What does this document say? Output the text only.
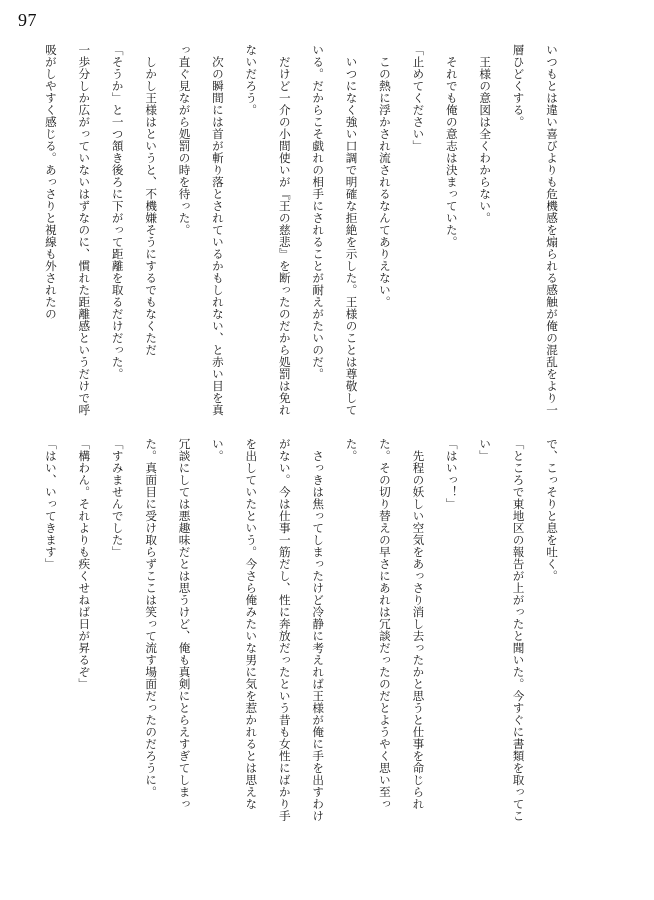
97

いつもとは違い喜びよりも危機感を煽られる感触が俺の混乱をより一層ひどくする。

王様の意図は全くわからない。

それでも俺の意志は決まっていた。

「止めてください」

この熱に浮かされ流されるなんてありえない。

いつになく強い口調で明確な拒絶を示した。王様のことは尊敬している。だからこそ戯れの相手にされることが耐えがたいのだ。

だけど一介の小間使いが『王の慈悲』を断ったのだから処罰は免れないだろう。

次の瞬間には首が斬り落とされているかもしれない、と赤い目を真っ直ぐ見ながら処罰の時を待った。

しかし王様はというと、不機嫌そうにするでもなくただ

「そうか」と一つ頷き後ろに下がって距離を取るだけだった。

一歩分しか広がっていないはずなのに、慣れた距離感というだけで呼吸がしやすく感じる。あっさりと視線も外されたの

で、こっそりと息を吐く。

「ところで東地区の報告が上がったと聞いた。今すぐに書類を取ってこい」

「はいっ！」

先程の妖しい空気をあっさり消し去ったかと思うと仕事を命じられた。その切り替えの早さにあれは冗談だったのだとようやく思い至った。

さっきは焦ってしまったけど冷静に考えれば王様が俺に手を出すわけがない。今は仕事一筋だし、性に奔放だったという昔も女性にばかり手を出していたという。今さら俺みたいな男に気を惹かれるとは思えない。

冗談にしては悪趣味だとは思うけど、俺も真剣にとらえすぎてしまった。真面目に受け取らずここは笑って流す場面だったのだろうに。

「すみませんでした」

「構わん。それよりも疾くせねば日が昇るぞ」

「はい、いってきます」
